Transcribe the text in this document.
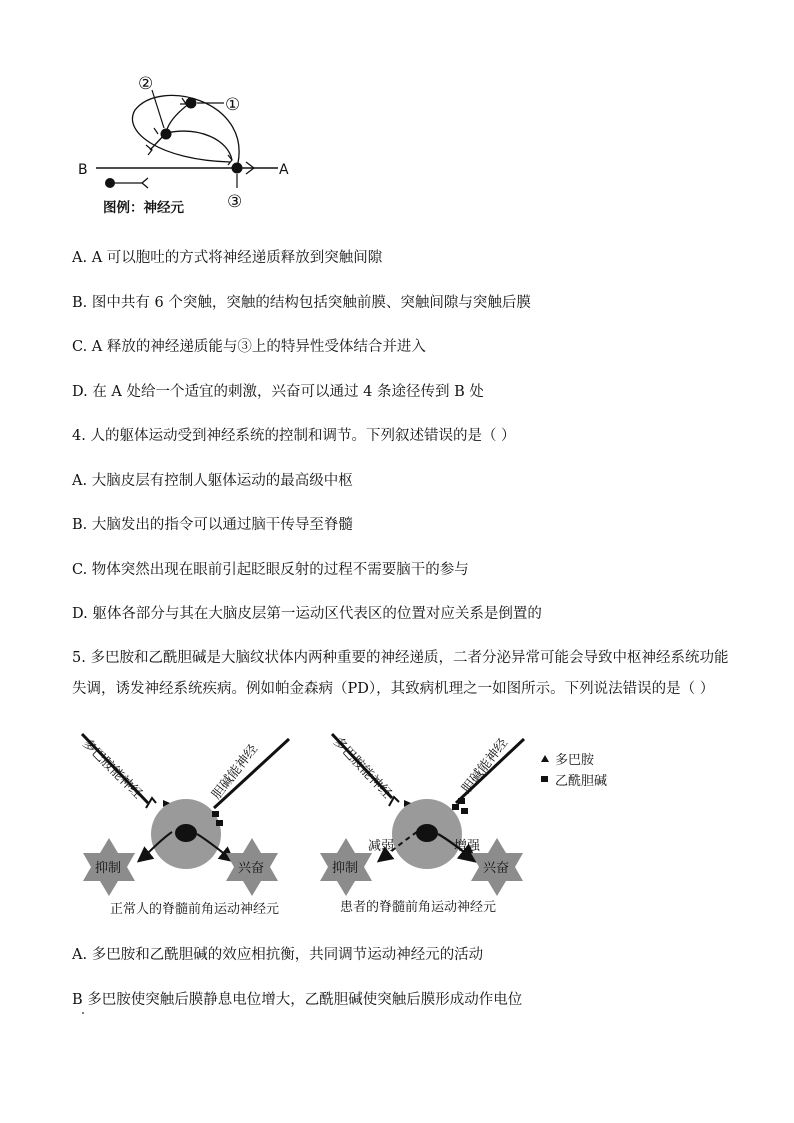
B	A
①
②
③
图例：神经元
A. A 可以胞吐的方式将神经递质释放到突触间隙
B. 图中共有 6 个突触，突触的结构包括突触前膜、突触间隙与突触后膜
C. A 释放的神经递质能与③上的特异性受体结合并进入
D. 在 A 处给一个适宜的刺激，兴奋可以通过 4 条途径传到 B 处
4. 人的躯体运动受到神经系统的控制和调节。下列叙述错误的是（ ）
A. 大脑皮层有控制人躯体运动的最高级中枢
B. 大脑发出的指令可以通过脑干传导至脊髓
C. 物体突然出现在眼前引起眨眼反射的过程不需要脑干的参与
D. 躯体各部分与其在大脑皮层第一运动区代表区的位置对应关系是倒置的
5. 多巴胺和乙酰胆碱是大脑纹状体内两种重要的神经递质，二者分泌异常可能会导致中枢神经系统功能失调，诱发神经系统疾病。例如帕金森病（PD），其致病机理之一如图所示。下列说法错误的是（ ）
多巴胺能神经	胆碱能神经
抑制	兴奋
正常人的脊髓前角运动神经元
多巴胺能神经	胆碱能神经
减弱	增强
抑制	兴奋
患者的脊髓前角运动神经元
多巴胺
乙酰胆碱
A. 多巴胺和乙酰胆碱的效应相抗衡，共同调节运动神经元的活动
B 多巴胺使突触后膜静息电位增大，乙酰胆碱使突触后膜形成动作电位
